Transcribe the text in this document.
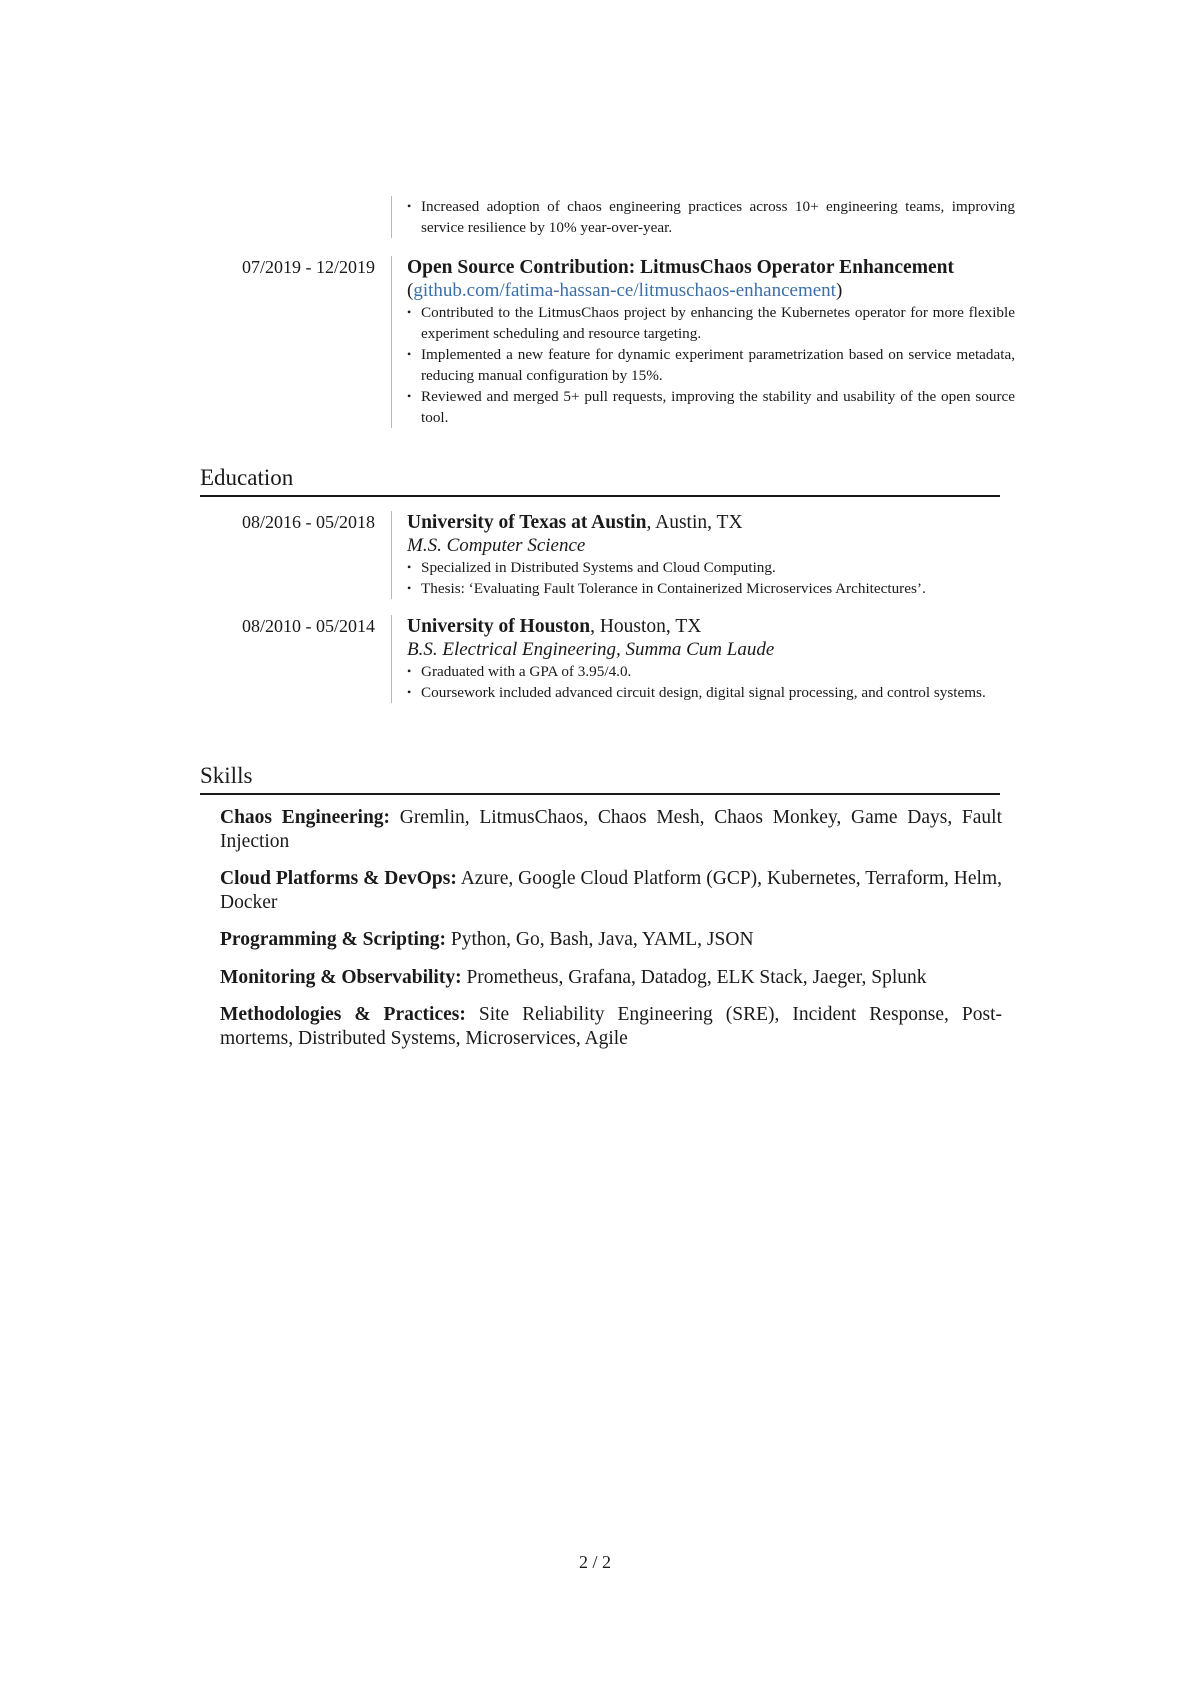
• Increased adoption of chaos engineering practices across 10+ engineering teams, improving service resilience by 10% year-over-year.
07/2019 - 12/2019 Open Source Contribution: LitmusChaos Operator Enhancement
(github.com/fatima-hassan-ce/litmuschaos-enhancement)
• Contributed to the LitmusChaos project by enhancing the Kubernetes operator for more flexible experiment scheduling and resource targeting.
• Implemented a new feature for dynamic experiment parametrization based on service metadata, reducing manual configuration by 15%.
• Reviewed and merged 5+ pull requests, improving the stability and usability of the open source tool.
Education
08/2016 - 05/2018 University of Texas at Austin, Austin, TX
M.S. Computer Science
• Specialized in Distributed Systems and Cloud Computing.
• Thesis: ‘Evaluating Fault Tolerance in Containerized Microservices Architectures’.
08/2010 - 05/2014 University of Houston, Houston, TX
B.S. Electrical Engineering, Summa Cum Laude
• Graduated with a GPA of 3.95/4.0.
• Coursework included advanced circuit design, digital signal processing, and control systems.
Skills
Chaos Engineering: Gremlin, LitmusChaos, Chaos Mesh, Chaos Monkey, Game Days, Fault Injection
Cloud Platforms & DevOps: Azure, Google Cloud Platform (GCP), Kubernetes, Terraform, Helm, Docker
Programming & Scripting: Python, Go, Bash, Java, YAML, JSON
Monitoring & Observability: Prometheus, Grafana, Datadog, ELK Stack, Jaeger, Splunk
Methodologies & Practices: Site Reliability Engineering (SRE), Incident Response, Post-mortems, Distributed Systems, Microservices, Agile
2 / 2
